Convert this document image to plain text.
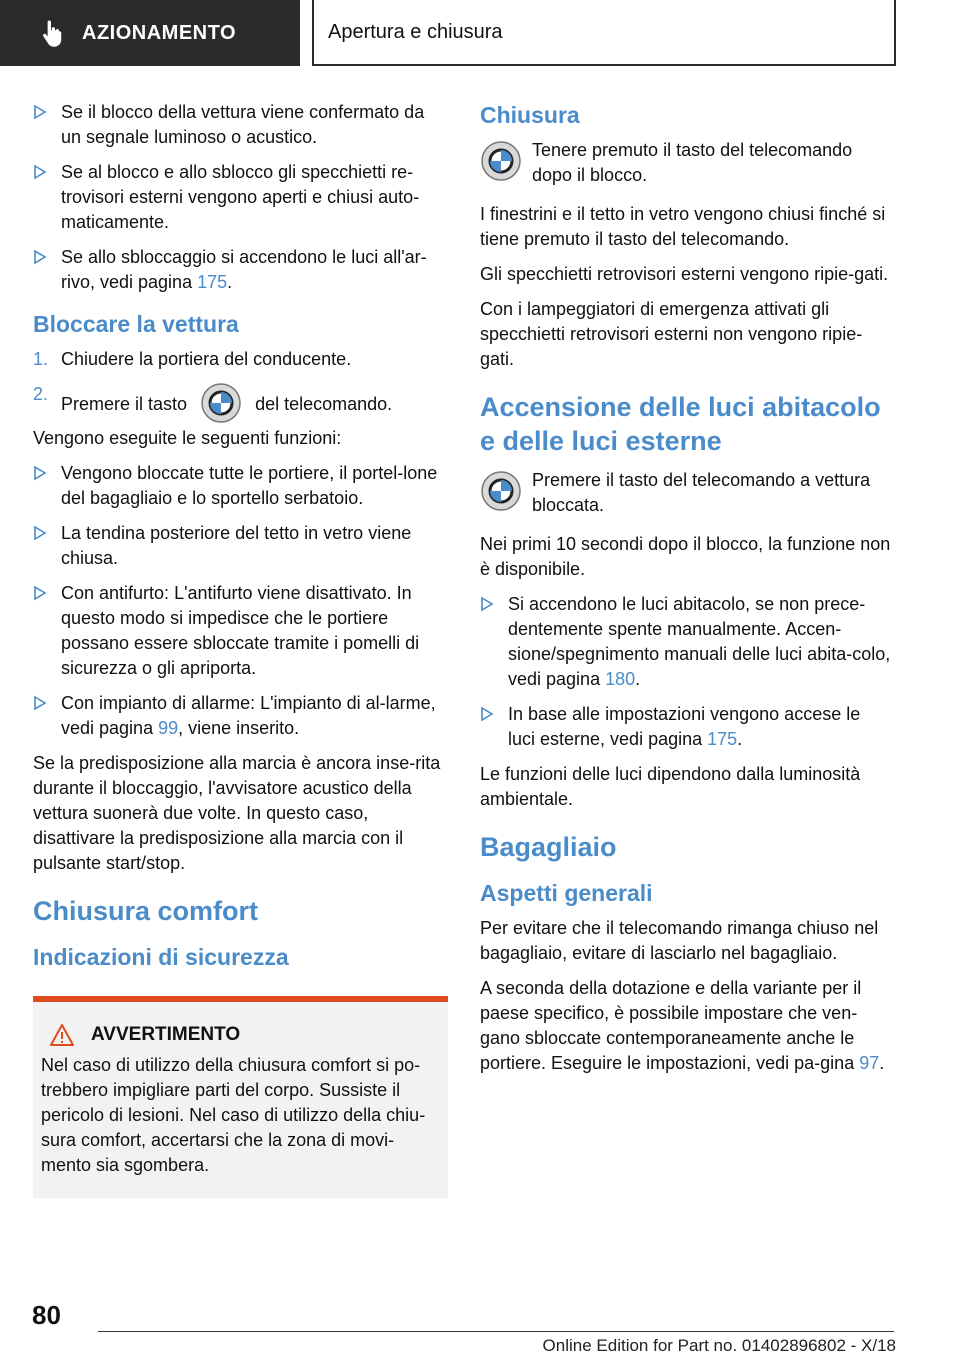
AZIONAMENTO	Apertura e chiusura
Se il blocco della vettura viene confermato da un segnale luminoso o acustico.
Se al blocco e allo sblocco gli specchietti re-trovisori esterni vengono aperti e chiusi auto-maticamente.
Se allo sbloccaggio si accendono le luci all'ar-rivo, vedi pagina 175.
Bloccare la vettura
1. Chiudere la portiera del conducente.
2. Premere il tasto	del telecomando.

Vengono eseguite le seguenti funzioni:

Vengono bloccate tutte le portiere, il portel-lone del bagagliaio e lo sportello serbatoio.
La tendina posteriore del tetto in vetro viene chiusa.
Con antifurto: L'antifurto viene disattivato. In questo modo si impedisce che le portiere possano essere sbloccate tramite i pomelli di sicurezza o gli apriporta.
Con impianto di allarme: L'impianto di al-larme, vedi pagina 99, viene inserito.

Se la predisposizione alla marcia è ancora inse-rita durante il bloccaggio, l'avvisatore acustico della vettura suonerà due volte. In questo caso, disattivare la predisposizione alla marcia con il pulsante start/stop.

Chiusura comfort
Indicazioni di sicurezza
AVVERTIMENTO
Nel caso di utilizzo della chiusura comfort si po-trebbero impigliare parti del corpo. Sussiste il pericolo di lesioni. Nel caso di utilizzo della chiu-sura comfort, accertarsi che la zona di movi-mento sia sgombera.
Chiusura
Tenere premuto il tasto del telecomando dopo il blocco.

I finestrini e il tetto in vetro vengono chiusi finché si tiene premuto il tasto del telecomando.

Gli specchietti retrovisori esterni vengono ripie-gati.

Con i lampeggiatori di emergenza attivati gli specchietti retrovisori esterni non vengono ripie-gati.

Accensione delle luci abitacolo e delle luci esterne
Premere il tasto del telecomando a vettura bloccata.

Nei primi 10 secondi dopo il blocco, la funzione non è disponibile.

Si accendono le luci abitacolo, se non prece-dentemente spente manualmente. Accen-sione/spegnimento manuali delle luci abita-colo, vedi pagina 180.
In base alle impostazioni vengono accese le luci esterne, vedi pagina 175.

Le funzioni delle luci dipendono dalla luminosità ambientale.

Bagagliaio
Aspetti generali

Per evitare che il telecomando rimanga chiuso nel bagagliaio, evitare di lasciarlo nel bagagliaio.

A seconda della dotazione e della variante per il paese specifico, è possibile impostare che ven-gano sbloccate contemporaneamente anche le portiere. Eseguire le impostazioni, vedi pa-gina 97.

80
Online Edition for Part no. 01402896802 - X/18
